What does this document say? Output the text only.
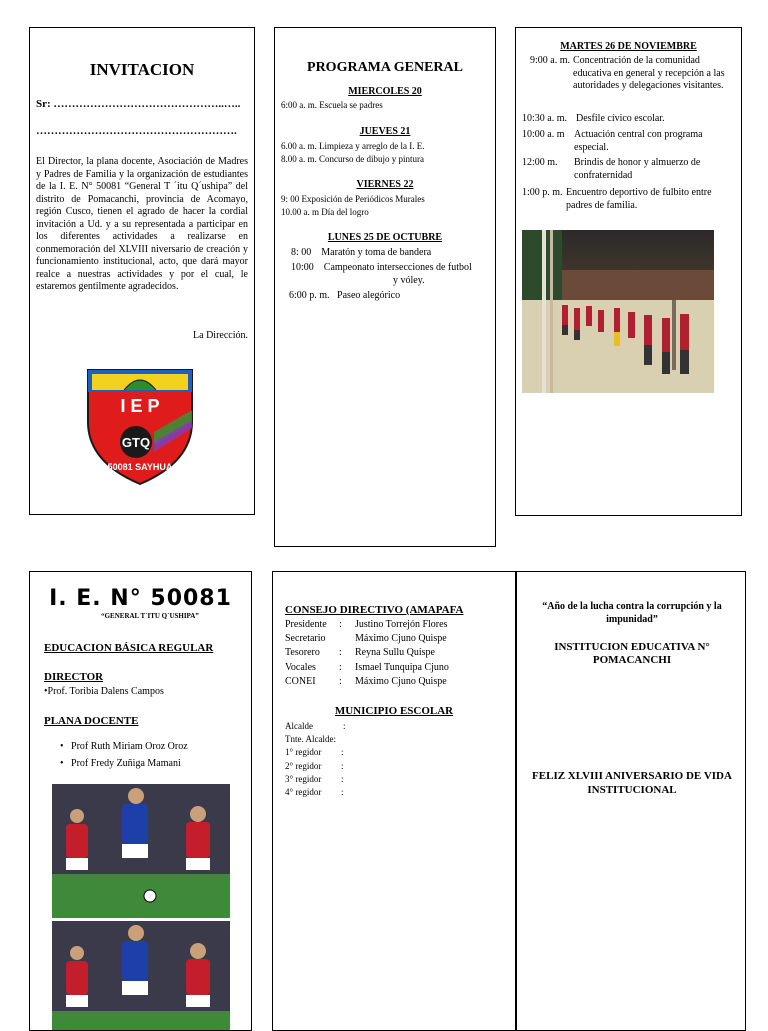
INVITACION
Sr: ………………………………………..…..
……………………………………………….
El Director, la plana docente, Asociación de Madres y Padres de Familia y la organización de estudiantes de la I. E. N° 50081 “General T ´itu Q´ushipa” del distrito de Pomacanchi, provincia de Acomayo, región Cusco, tienen el agrado de hacer la cordial invitación a Ud. y a su representada a participar en los diferentes actividades a realizarse en conmemoración del XLVIII niversario de creación y funcionamiento institucional, acto, que dará mayor realce a nuestras actividades y por el cual, le estaremos gentilmente agradecidos.
La Dirección.
I E P
GTQ
50081 SAYHUA
PROGRAMA GENERAL
MIERCOLES 20
6:00 a. m. Escuela se padres
JUEVES 21
6.00 a. m. Limpieza y arreglo de la I. E.
8.00 a. m. Concurso de dibujo y pintura
VIERNES 22
9: 00 Exposición de Periódicos Murales
10.00 a. m Día del logro
LUNES 25 DE OCTUBRE
8: 00    Maratón y toma de bandera
10:00    Campeonato intersecciones de futbol
y vóley.
6:00 p. m.   Paseo alegórico
MARTES 26 DE NOVIEMBRE
9:00 a. m. Concentración de la comunidad educativa en general y recepción a las autoridades y delegaciones visitantes.
10:30 a. m. Desfile cívico escolar.
10:00 a. m Actuación central con programa especial.
12:00 m.	Brindis de honor y almuerzo de confraternidad
1:00 p. m. Encuentro deportivo de fulbito entre padres de familia.
I. E. N° 50081
“GENERAL T´ITU Q´USHIPA”
EDUCACION BÁSICA REGULAR
DIRECTOR
•Prof. Toribia Dalens Campos
PLANA DOCENTE
•   Prof Ruth Miriam Oroz Oroz
•   Prof Fredy Zuñiga Mamani
CONSEJO DIRECTIVO (AMAPAFA
Presidente : Justino Torrejón Flores
Secretario	Máximo Cjuno Quispe
Tesorero : Reyna Sullu Quispe
Vocales : Ismael Tunquipa Cjuno
CONEI : Máximo Cjuno Quispe
MUNICIPIO ESCOLAR
Alcalde	:
Tnte. Alcalde:
1° regidor :
2° regidor :
3° regidor :
4° regidor :
“Año de la lucha contra la corrupción y la impunidad”
INSTITUCION EDUCATIVA N° POMACANCHI
FELIZ XLVIII ANIVERSARIO DE VIDA INSTITUCIONAL
